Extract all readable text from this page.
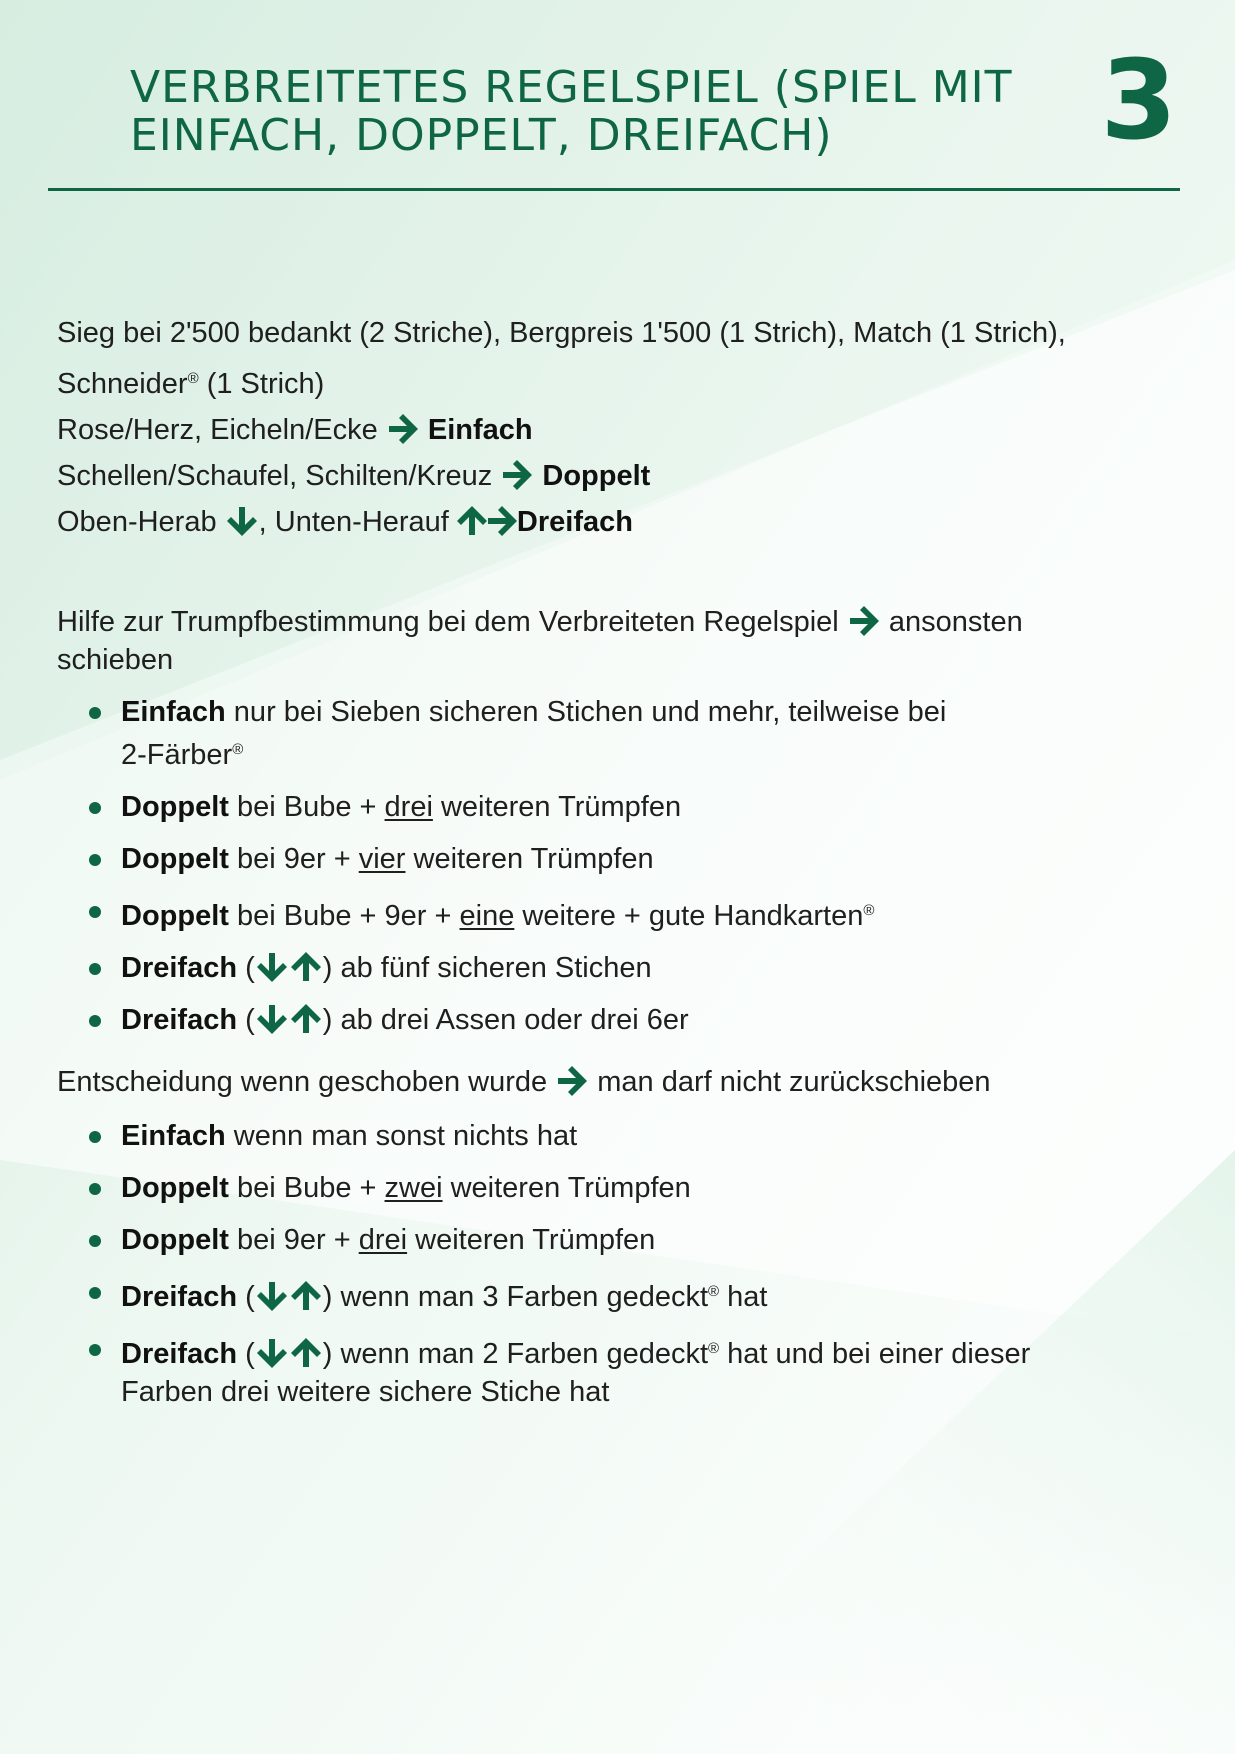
VERBREITETES REGELSPIEL (SPIEL MIT
EINFACH, DOPPELT, DREIFACH)	3
Sieg bei 2'500 bedankt (2 Striche), Bergpreis 1'500 (1 Strich), Match (1 Strich),
Schneider® (1 Strich)
Rose/Herz, Eicheln/Ecke
Einfach
Schellen/Schaufel, Schilten/Kreuz
Doppelt
Oben-Herab
, Unten-Herauf
Dreifach
Hilfe zur Trumpfbestimmung bei dem Verbreiteten Regelspiel
ansonsten
schieben
Einfach nur bei Sieben sicheren Stichen und mehr, teilweise bei
2-Färber®
Doppelt bei Bube + drei weiteren Trümpfen
Doppelt bei 9er + vier weiteren Trümpfen
Doppelt bei Bube + 9er + eine weitere + gute Handkarten®
Dreifach ( ) ab fünf sicheren Stichen
Dreifach ( ) ab drei Assen oder drei 6er
Entscheidung wenn geschoben wurde
man darf nicht zurückschieben
Einfach wenn man sonst nichts hat
Doppelt bei Bube + zwei weiteren Trümpfen
Doppelt bei 9er + drei weiteren Trümpfen
Dreifach ( ) wenn man 3 Farben gedeckt® hat
Dreifach ( ) wenn man 2 Farben gedeckt® hat und bei einer dieser
Farben drei weitere sichere Stiche hat
